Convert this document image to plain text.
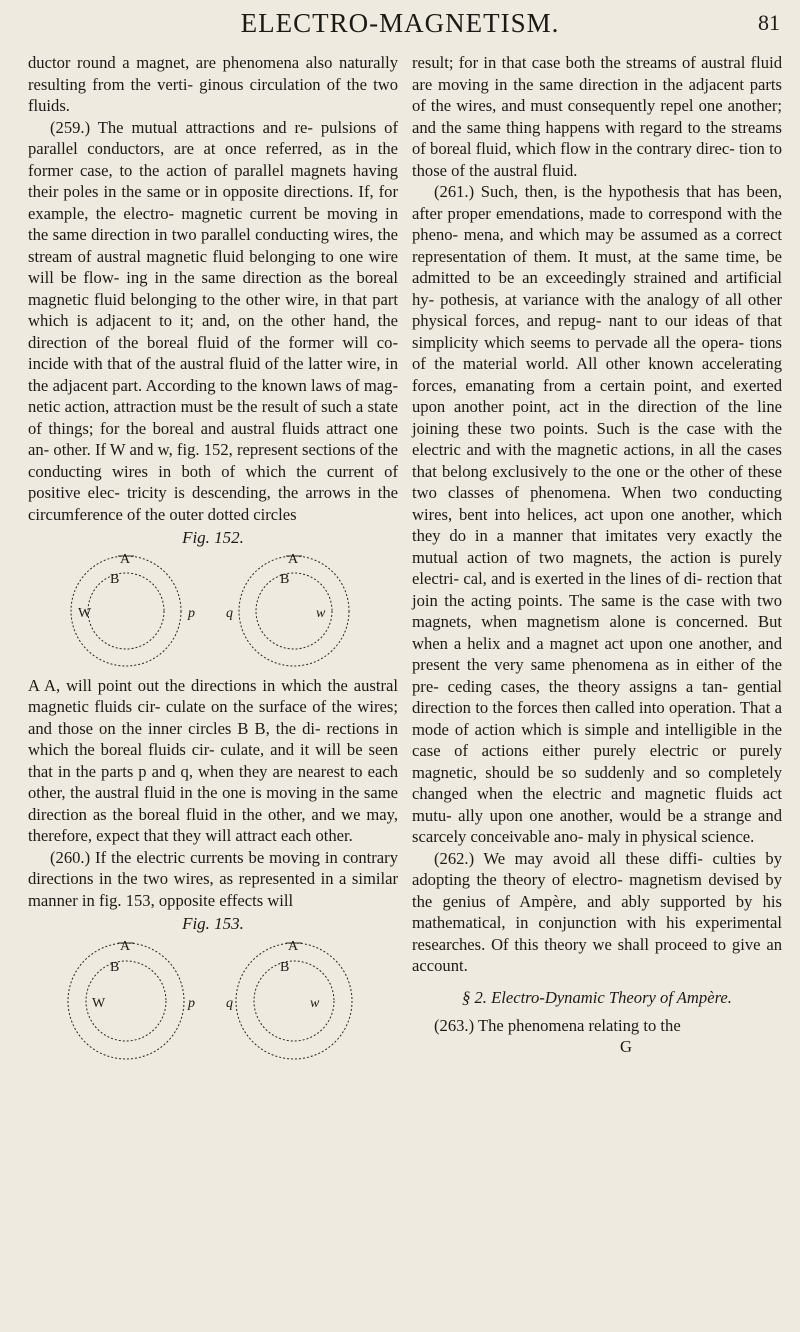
ELECTRO-MAGNETISM.	81

ductor round a magnet, are phenomena also naturally resulting from the verti- ginous circulation of the two fluids.

(259.) The mutual attractions and re- pulsions of parallel conductors, are at once referred, as in the former case, to the action of parallel magnets having their poles in the same or in opposite directions. If, for example, the electro- magnetic current be moving in the same direction in two parallel conducting wires, the stream of austral magnetic fluid belonging to one wire will be flow- ing in the same direction as the boreal magnetic fluid belonging to the other wire, in that part which is adjacent to it; and, on the other hand, the direction of the boreal fluid of the former will co- incide with that of the austral fluid of the latter wire, in the adjacent part. According to the known laws of mag- netic action, attraction must be the result of such a state of things; for the boreal and austral fluids attract one an- other. If W and w, fig. 152, represent sections of the conducting wires in both of which the current of positive elec- tricity is descending, the arrows in the circumference of the outer dotted circles

Fig. 152.
A
B
W	p
A
B
q	w

A A, will point out the directions in which the austral magnetic fluids cir- culate on the surface of the wires; and those on the inner circles B B, the di- rections in which the boreal fluids cir- culate, and it will be seen that in the parts p and q, when they are nearest to each other, the austral fluid in the one is moving in the same direction as the boreal fluid in the other, and we may, therefore, expect that they will attract each other.

(260.) If the electric currents be moving in contrary directions in the two wires, as represented in a similar manner in fig. 153, opposite effects will

Fig. 153.
A
B
W	p
A
B
q	w

result; for in that case both the streams of austral fluid are moving in the same direction in the adjacent parts of the wires, and must consequently repel one another; and the same thing happens with regard to the streams of boreal fluid, which flow in the contrary direc- tion to those of the austral fluid.

(261.) Such, then, is the hypothesis that has been, after proper emendations, made to correspond with the pheno- mena, and which may be assumed as a correct representation of them. It must, at the same time, be admitted to be an exceedingly strained and artificial hy- pothesis, at variance with the analogy of all other physical forces, and repug- nant to our ideas of that simplicity which seems to pervade all the opera- tions of the material world. All other known accelerating forces, emanating from a certain point, and exerted upon another point, act in the direction of the line joining these two points. Such is the case with the electric and with the magnetic actions, in all the cases that belong exclusively to the one or the other of these two classes of phenomena. When two conducting wires, bent into helices, act upon one another, which they do in a manner that imitates very exactly the mutual action of two magnets, the action is purely electri- cal, and is exerted in the lines of di- rection that join the acting points. The same is the case with two magnets, when magnetism alone is concerned. But when a helix and a magnet act upon one another, and present the very same phenomena as in either of the pre- ceding cases, the theory assigns a tan- gential direction to the forces then called into operation. That a mode of action which is simple and intelligible in the case of actions either purely electric or purely magnetic, should be so suddenly and so completely changed when the electric and magnetic fluids act mutu- ally upon one another, would be a strange and scarcely conceivable ano- maly in physical science.

(262.) We may avoid all these diffi- culties by adopting the theory of electro- magnetism devised by the genius of Ampère, and ably supported by his mathematical, in conjunction with his experimental researches. Of this theory we shall proceed to give an account.

§ 2. Electro-Dynamic Theory of Ampère.

(263.) The phenomena relating to the

G
